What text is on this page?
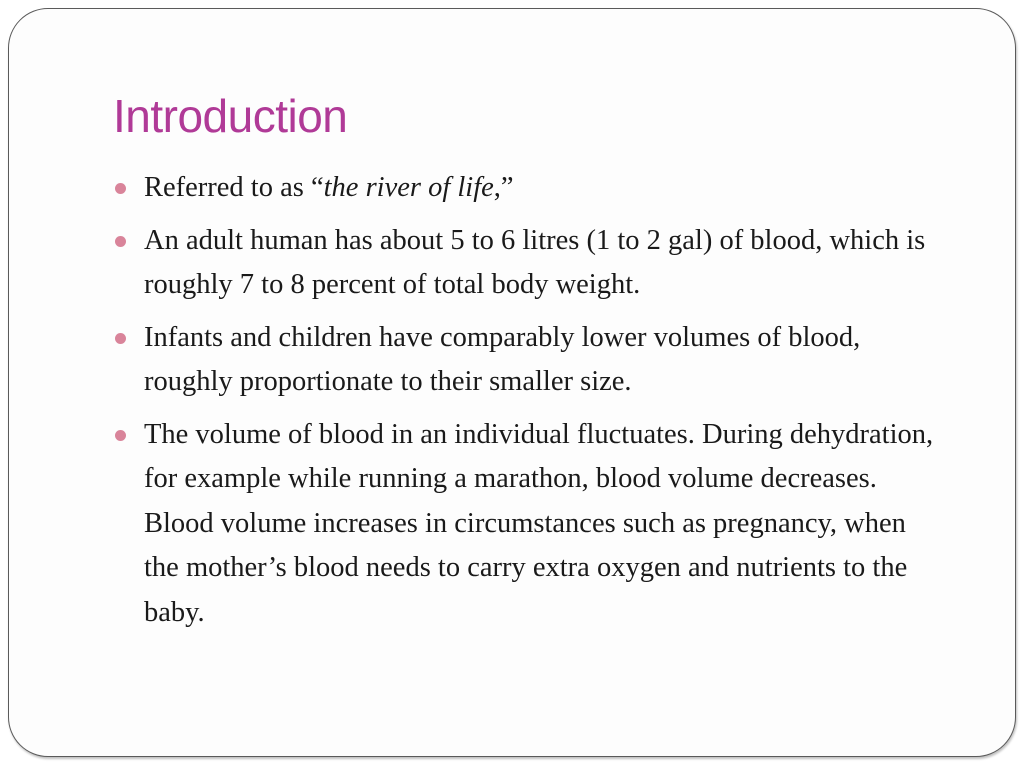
Introduction
Referred to as “the river of life,”
An adult human has about 5 to 6 litres (1 to 2 gal) of blood, which is roughly 7 to 8 percent of total body weight.
Infants and children have comparably lower volumes of blood, roughly proportionate to their smaller size.
The volume of blood in an individual fluctuates. During dehydration, for example while running a marathon, blood volume decreases. Blood volume increases in circumstances such as pregnancy, when the mother’s blood needs to carry extra oxygen and nutrients to the baby.
